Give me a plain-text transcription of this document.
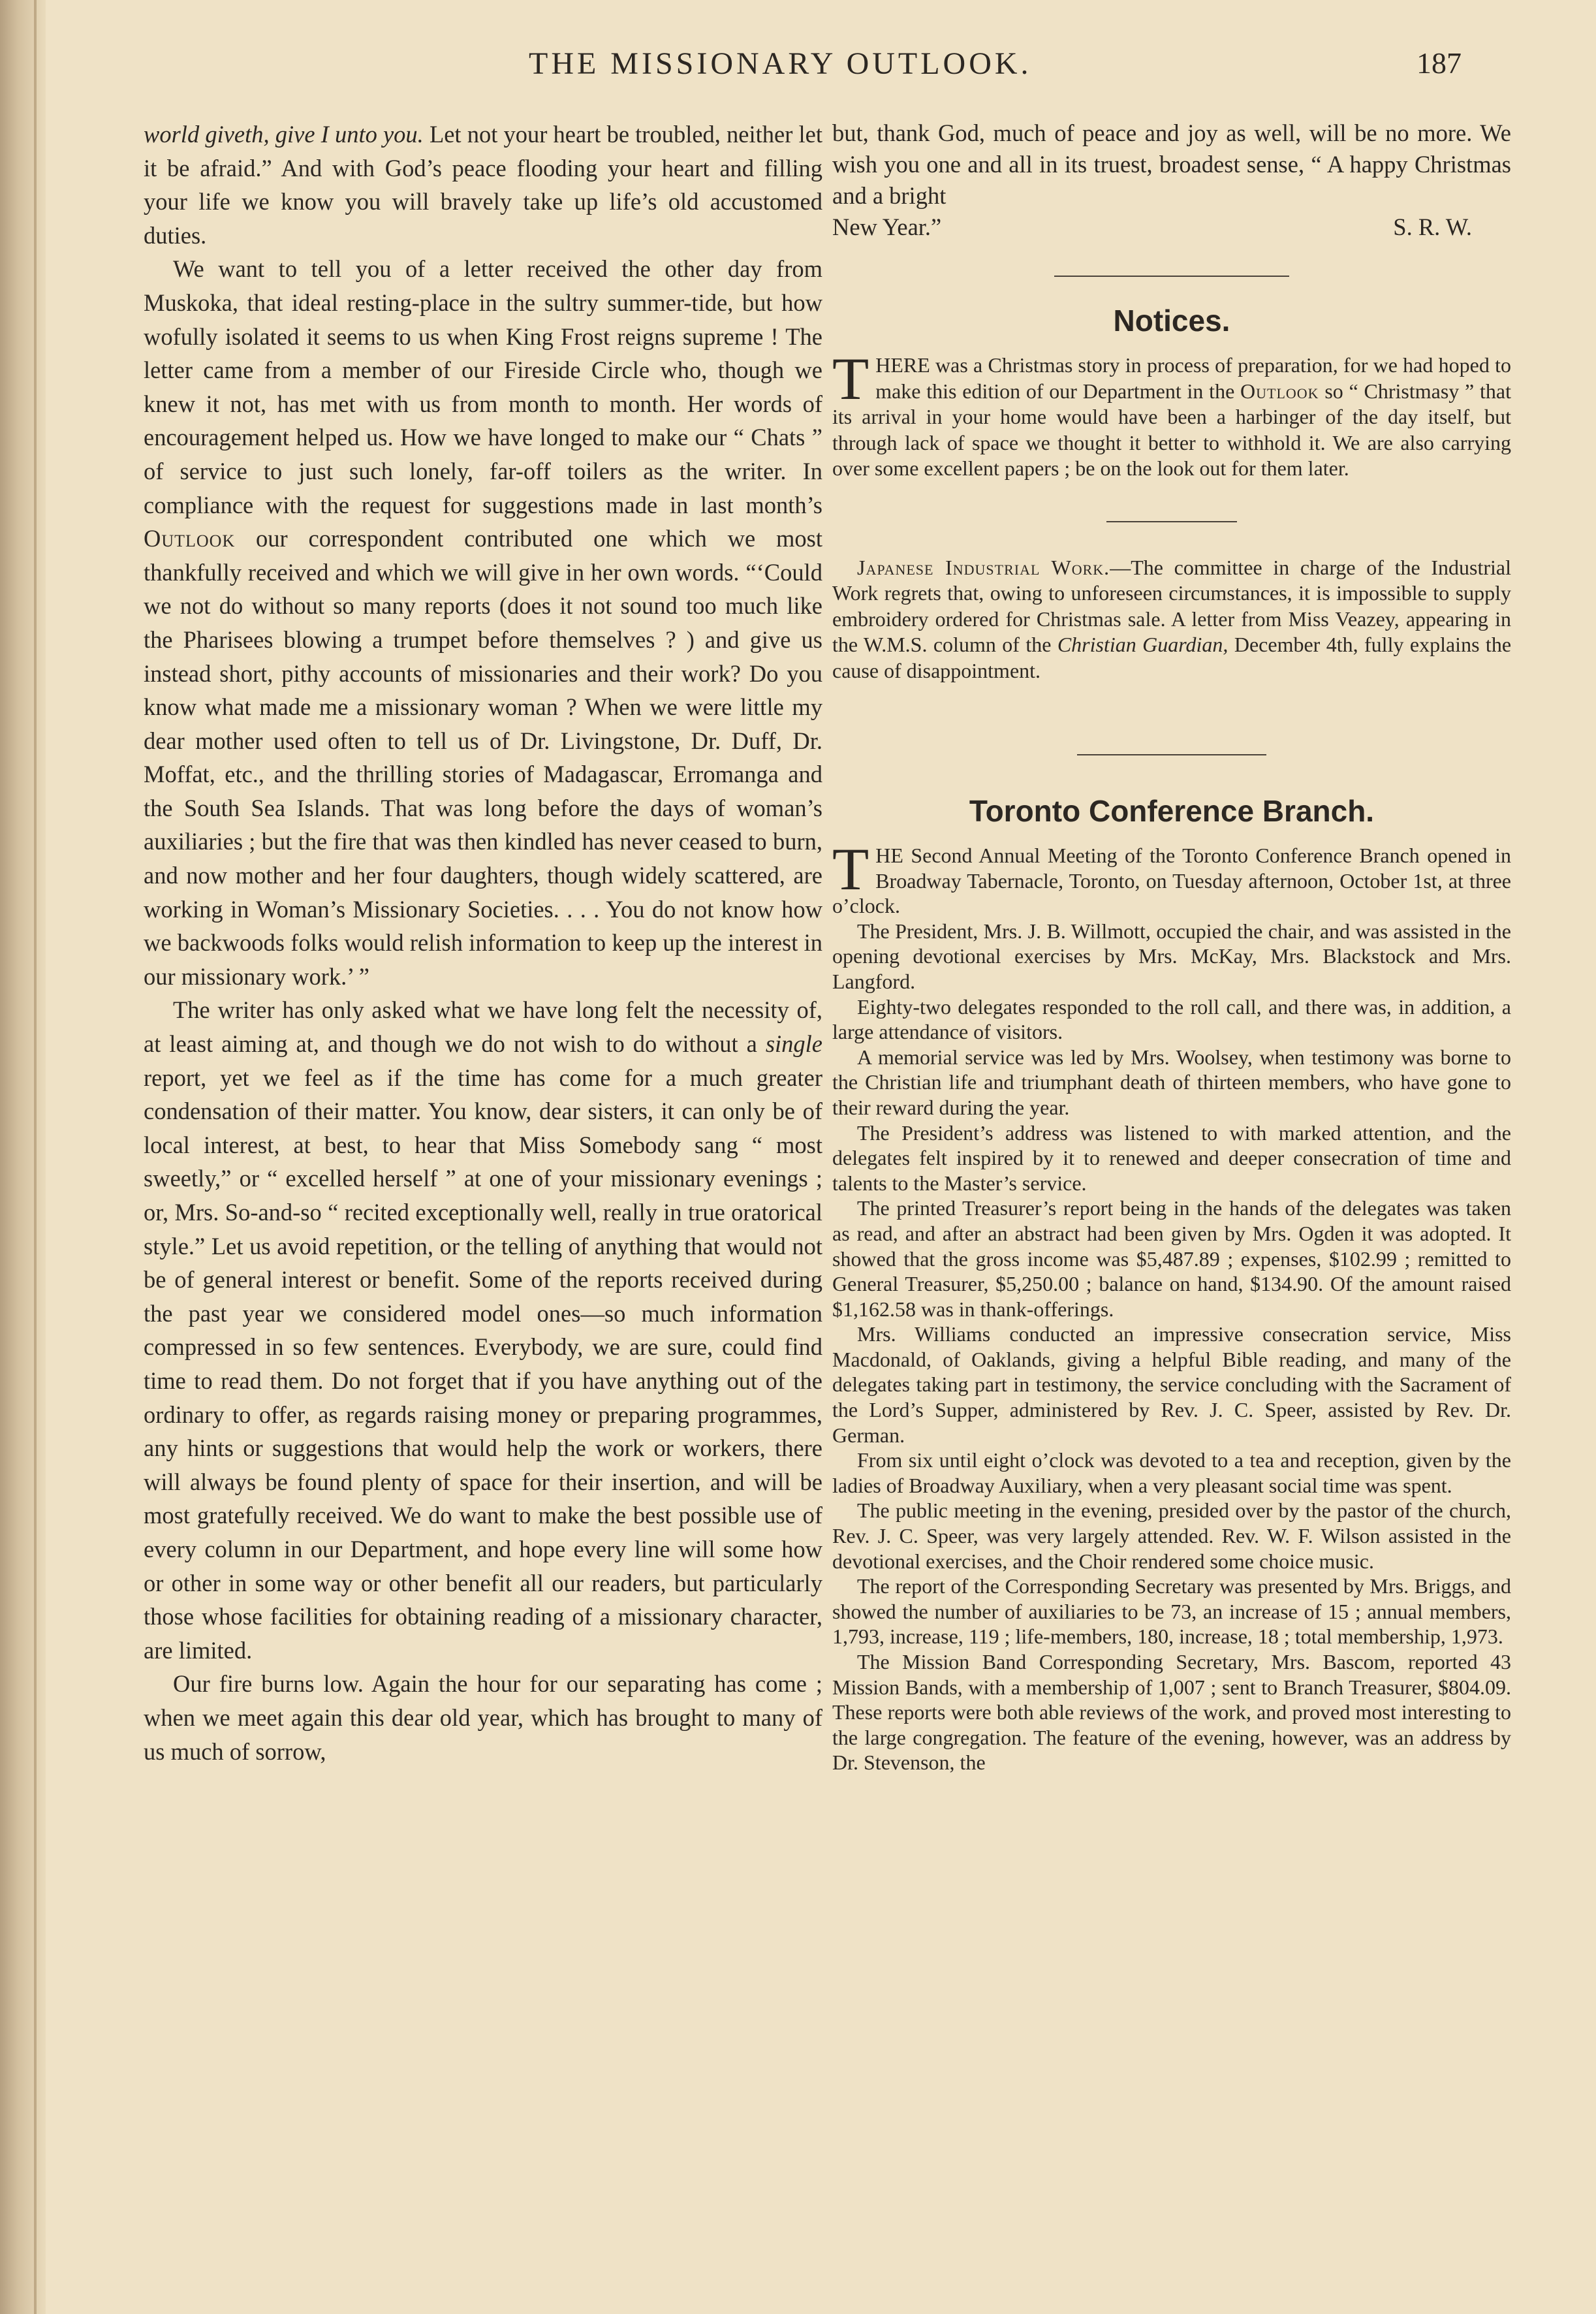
THE MISSIONARY OUTLOOK.	187

world giveth, give I unto you. Let not your heart be troubled, neither let it be afraid.” And with God’s peace flooding your heart and filling your life we know you will bravely take up life’s old accustomed duties.

We want to tell you of a letter received the other day from Muskoka, that ideal resting-place in the sultry summer-tide, but how wofully isolated it seems to us when King Frost reigns supreme ! The letter came from a member of our Fireside Circle who, though we knew it not, has met with us from month to month. Her words of encouragement helped us. How we have longed to make our “ Chats ” of service to just such lonely, far-off toilers as the writer. In compliance with the request for suggestions made in last month’s Outlook our correspondent contributed one which we most thankfully received and which we will give in her own words. “‘Could we not do without so many reports (does it not sound too much like the Pharisees blowing a trumpet before themselves ? ) and give us instead short, pithy accounts of missionaries and their work? Do you know what made me a missionary woman ? When we were little my dear mother used often to tell us of Dr. Livingstone, Dr. Duff, Dr. Moffat, etc., and the thrilling stories of Madagascar, Erromanga and the South Sea Islands. That was long before the days of woman’s auxiliaries ; but the fire that was then kindled has never ceased to burn, and now mother and her four daughters, though widely scattered, are working in Woman’s Missionary Societies. . . . You do not know how we backwoods folks would relish information to keep up the interest in our missionary work.’ ”

The writer has only asked what we have long felt the necessity of, at least aiming at, and though we do not wish to do without a single report, yet we feel as if the time has come for a much greater condensation of their matter. You know, dear sisters, it can only be of local interest, at best, to hear that Miss Somebody sang “ most sweetly,” or “ excelled herself ” at one of your missionary evenings ; or, Mrs. So-and-so “ recited exceptionally well, really in true oratorical style.” Let us avoid repetition, or the telling of anything that would not be of general interest or benefit. Some of the reports received during the past year we considered model ones—so much information compressed in so few sentences. Everybody, we are sure, could find time to read them. Do not forget that if you have anything out of the ordinary to offer, as regards raising money or preparing programmes, any hints or suggestions that would help the work or workers, there will always be found plenty of space for their insertion, and will be most gratefully received. We do want to make the best possible use of every column in our Department, and hope every line will some how or other in some way or other benefit all our readers, but particularly those whose facilities for obtaining reading of a missionary character, are limited.

Our fire burns low. Again the hour for our separating has come ; when we meet again this dear old year, which has brought to many of us much of sorrow,

but, thank God, much of peace and joy as well, will be no more. We wish you one and all in its truest, broadest sense, “ A happy Christmas and a bright

New Year.”	S. R. W.
Notices.
THERE was a Christmas story in process of preparation, for we had hoped to make this edition of our Department in the Outlook so “ Christmasy ” that its arrival in your home would have been a harbinger of the day itself, but through lack of space we thought it better to withhold it. We are also carrying over some excellent papers ; be on the look out for them later.
Japanese Industrial Work.—The committee in charge of the Industrial Work regrets that, owing to unforeseen circumstances, it is impossible to supply embroidery ordered for Christmas sale. A letter from Miss Veazey, appearing in the W.M.S. column of the Christian Guardian, December 4th, fully explains the cause of disappointment.
Toronto Conference Branch.

THE Second Annual Meeting of the Toronto Conference Branch opened in Broadway Tabernacle, Toronto, on Tuesday afternoon, October 1st, at three o’clock.

The President, Mrs. J. B. Willmott, occupied the chair, and was assisted in the opening devotional exercises by Mrs. McKay, Mrs. Blackstock and Mrs. Langford.

Eighty-two delegates responded to the roll call, and there was, in addition, a large attendance of visitors.

A memorial service was led by Mrs. Woolsey, when testimony was borne to the Christian life and triumphant death of thirteen members, who have gone to their reward during the year.

The President’s address was listened to with marked attention, and the delegates felt inspired by it to renewed and deeper consecration of time and talents to the Master’s service.

The printed Treasurer’s report being in the hands of the delegates was taken as read, and after an abstract had been given by Mrs. Ogden it was adopted. It showed that the gross income was $5,487.89 ; expenses, $102.99 ; remitted to General Treasurer, $5,250.00 ; balance on hand, $134.90. Of the amount raised $1,162.58 was in thank-offerings.

Mrs. Williams conducted an impressive consecration service, Miss Macdonald, of Oaklands, giving a helpful Bible reading, and many of the delegates taking part in testimony, the service concluding with the Sacrament of the Lord’s Supper, administered by Rev. J. C. Speer, assisted by Rev. Dr. German.

From six until eight o’clock was devoted to a tea and reception, given by the ladies of Broadway Auxiliary, when a very pleasant social time was spent.

The public meeting in the evening, presided over by the pastor of the church, Rev. J. C. Speer, was very largely attended. Rev. W. F. Wilson assisted in the devotional exercises, and the Choir rendered some choice music.

The report of the Corresponding Secretary was presented by Mrs. Briggs, and showed the number of auxiliaries to be 73, an increase of 15 ; annual members, 1,793, increase, 119 ; life-members, 180, increase, 18 ; total membership, 1,973.

The Mission Band Corresponding Secretary, Mrs. Bascom, reported 43 Mission Bands, with a membership of 1,007 ; sent to Branch Treasurer, $804.09. These reports were both able reviews of the work, and proved most interesting to the large congregation. The feature of the evening, however, was an address by Dr. Stevenson, the
